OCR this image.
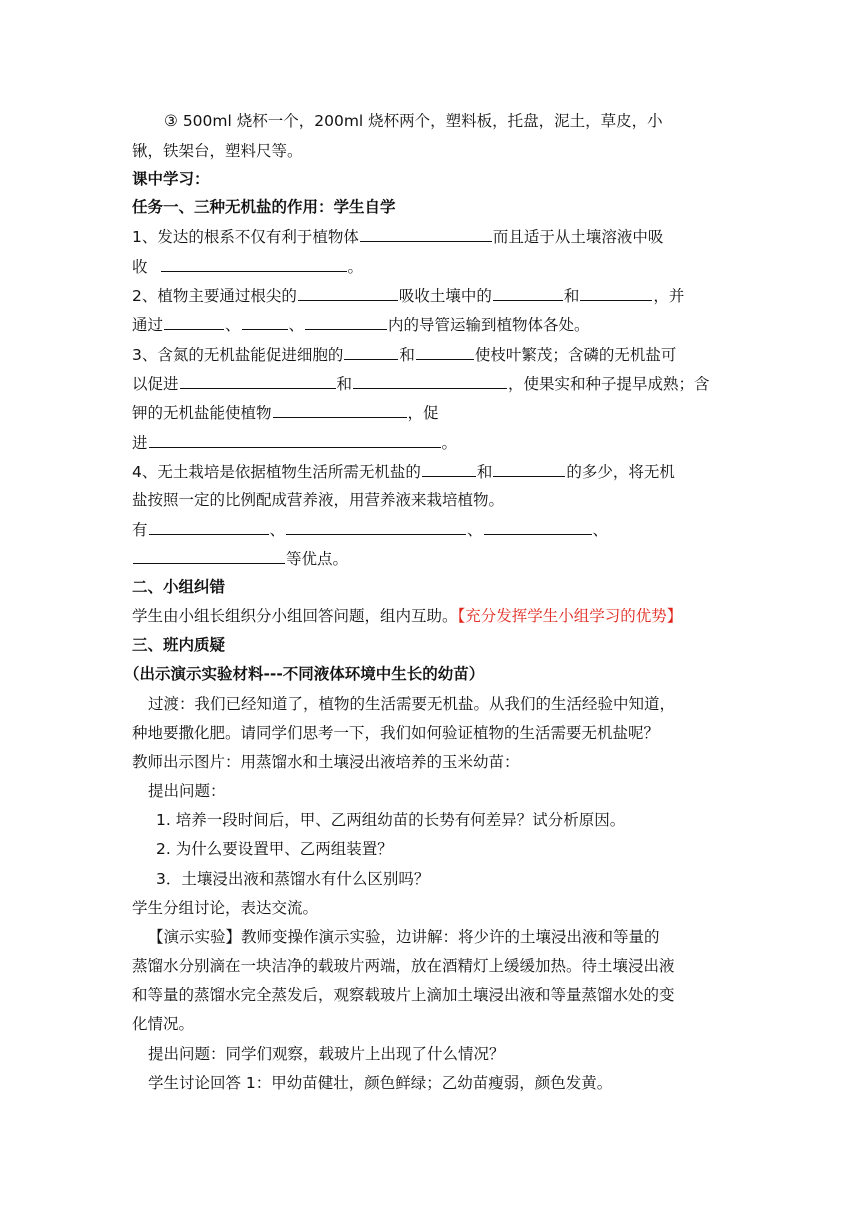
③ 500ml 烧杯一个，200ml 烧杯两个，塑料板，托盘，泥土，草皮，小
锹，铁架台，塑料尺等。
课中学习：
任务一、三种无机盐的作用：学生自学
1、发达的根系不仅有利于植物体	而且适于从土壤溶液中吸
收	。
2、植物主要通过根尖的	吸收土壤中的	和	，并
通过	、	、	内的导管运输到植物体各处。
3、含氮的无机盐能促进细胞的	和	使枝叶繁茂；含磷的无机盐可
以促进	和	，使果实和种子提早成熟；含
钾的无机盐能使植物	，促
进	。
4、无土栽培是依据植物生活所需无机盐的	和	的多少，将无机
盐按照一定的比例配成营养液，用营养液来栽培植物。
有	、	、	、
等优点。
二、小组纠错
学生由小组长组织分小组回答问题，组内互助。【充分发挥学生小组学习的优势】
三、班内质疑
（出示演示实验材料---不同液体环境中生长的幼苗）
过渡：我们已经知道了，植物的生活需要无机盐。从我们的生活经验中知道，
种地要撒化肥。请同学们思考一下，我们如何验证植物的生活需要无机盐呢？
教师出示图片：用蒸馏水和土壤浸出液培养的玉米幼苗：
提出问题：
1. 培养一段时间后，甲、乙两组幼苗的长势有何差异？试分析原因。
2. 为什么要设置甲、乙两组装置？
3．土壤浸出液和蒸馏水有什么区别吗？
学生分组讨论，表达交流。
【演示实验】教师变操作演示实验，边讲解：将少许的土壤浸出液和等量的
蒸馏水分别滴在一块洁净的载玻片两端，放在酒精灯上缓缓加热。待土壤浸出液
和等量的蒸馏水完全蒸发后，观察载玻片上滴加土壤浸出液和等量蒸馏水处的变
化情况。
提出问题：同学们观察，载玻片上出现了什么情况？
学生讨论回答 1：甲幼苗健壮，颜色鲜绿；乙幼苗瘦弱，颜色发黄。
